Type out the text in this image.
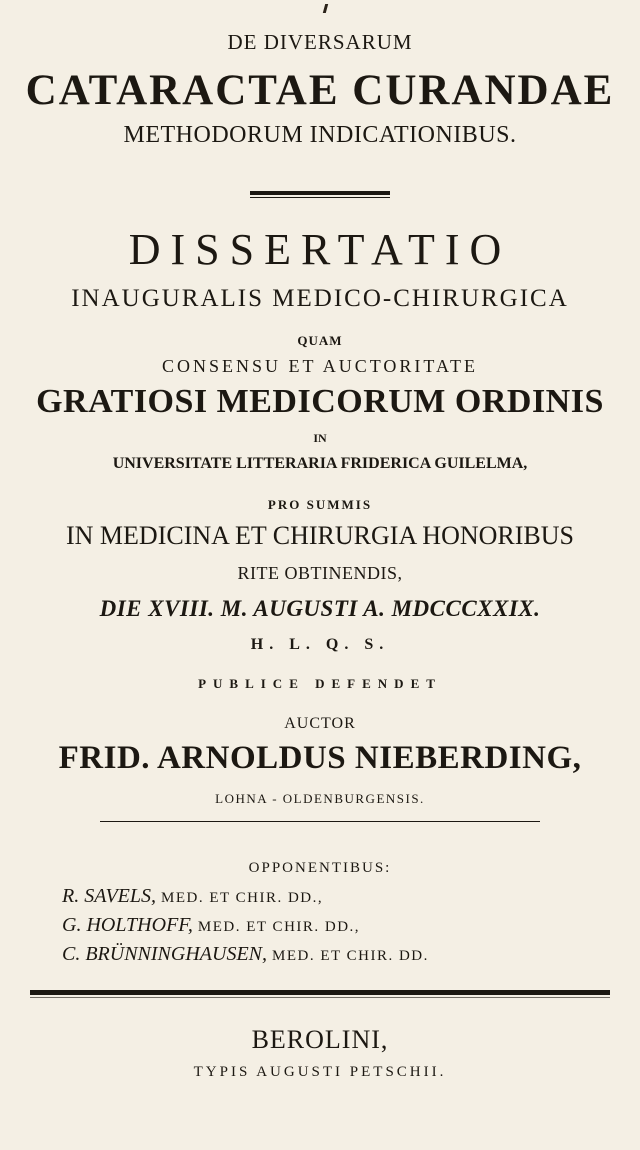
DE DIVERSARUM
CATARACTAE CURANDAE
METHODORUM INDICATIONIBUS.
DISSERTATIO
INAUGURALIS MEDICO-CHIRURGICA
QUAM
CONSENSU ET AUCTORITATE
GRATIOSI MEDICORUM ORDINIS
IN
UNIVERSITATE LITTERARIA FRIDERICA GUILELMA,
PRO SUMMIS
IN MEDICINA ET CHIRURGIA HONORIBUS
RITE OBTINENDIS,
DIE XVIII. M. AUGUSTI A. MDCCCXXIX.
H. L. Q. S.
PUBLICE DEFENDET
AUCTOR
FRID. ARNOLDUS NIEBERDING,
LOHNA - OLDENBURGENSIS.
OPPONENTIBUS:
R. SAVELS, MED. ET CHIR. DD.,
G. HOLTHOFF, MED. ET CHIR. DD.,
C. BRÜNNINGHAUSEN, MED. ET CHIR. DD.
BEROLINI,
TYPIS AUGUSTI PETSCHII.
